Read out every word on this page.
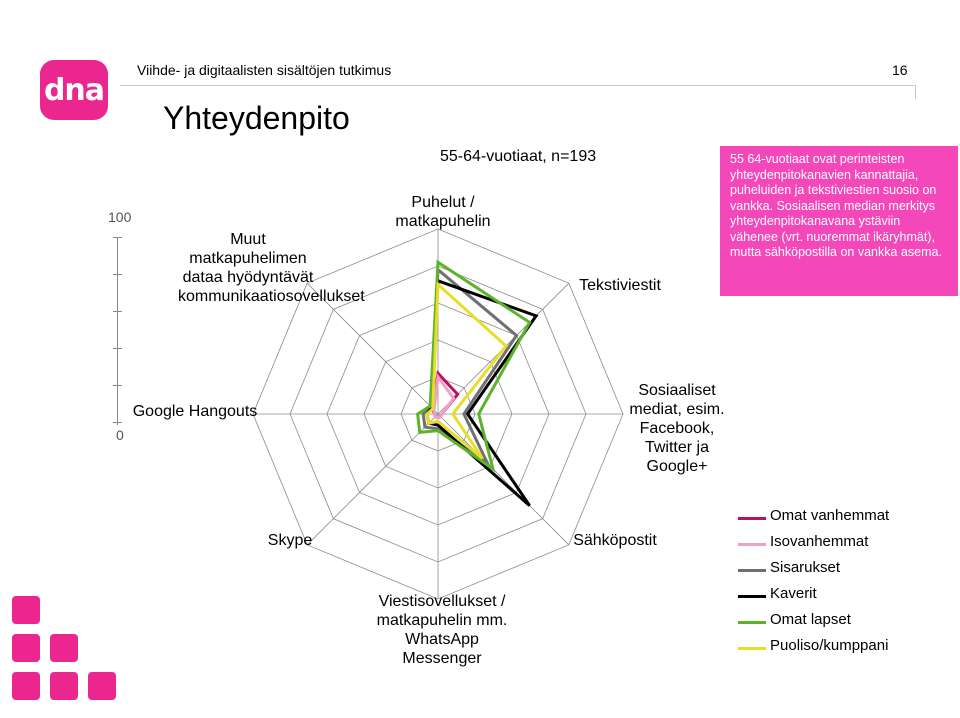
dna
Viihde- ja digitaalisten sisältöjen tutkimus	16
Yhteydenpito
55-64-vuotiaat, n=193	55 64-vuotiaat ovat perinteisten yhteydenpitokanavien kannattajia, puheluiden ja tekstiviestien suosio on vankka. Sosiaalisen median merkitys yhteydenpitokanavana ystäviin vähenee (vrt. nuoremmat ikäryhmät), mutta sähköpostilla on vankka asema.
100
0
Puhelut / matkapuhelin
Tekstiviestit
Sosiaaliset mediat, esim. Facebook, Twitter ja Google+
Sähköpostit
Viestisovellukset / matkapuhelin mm. WhatsApp Messenger
Skype
Google Hangouts
Muut matkapuhelimen dataa hyödyntävät kommunikaatiosovellukset
Omat vanhemmat
Isovanhemmat
Sisarukset
Kaverit
Omat lapset
Puoliso/kumppani
